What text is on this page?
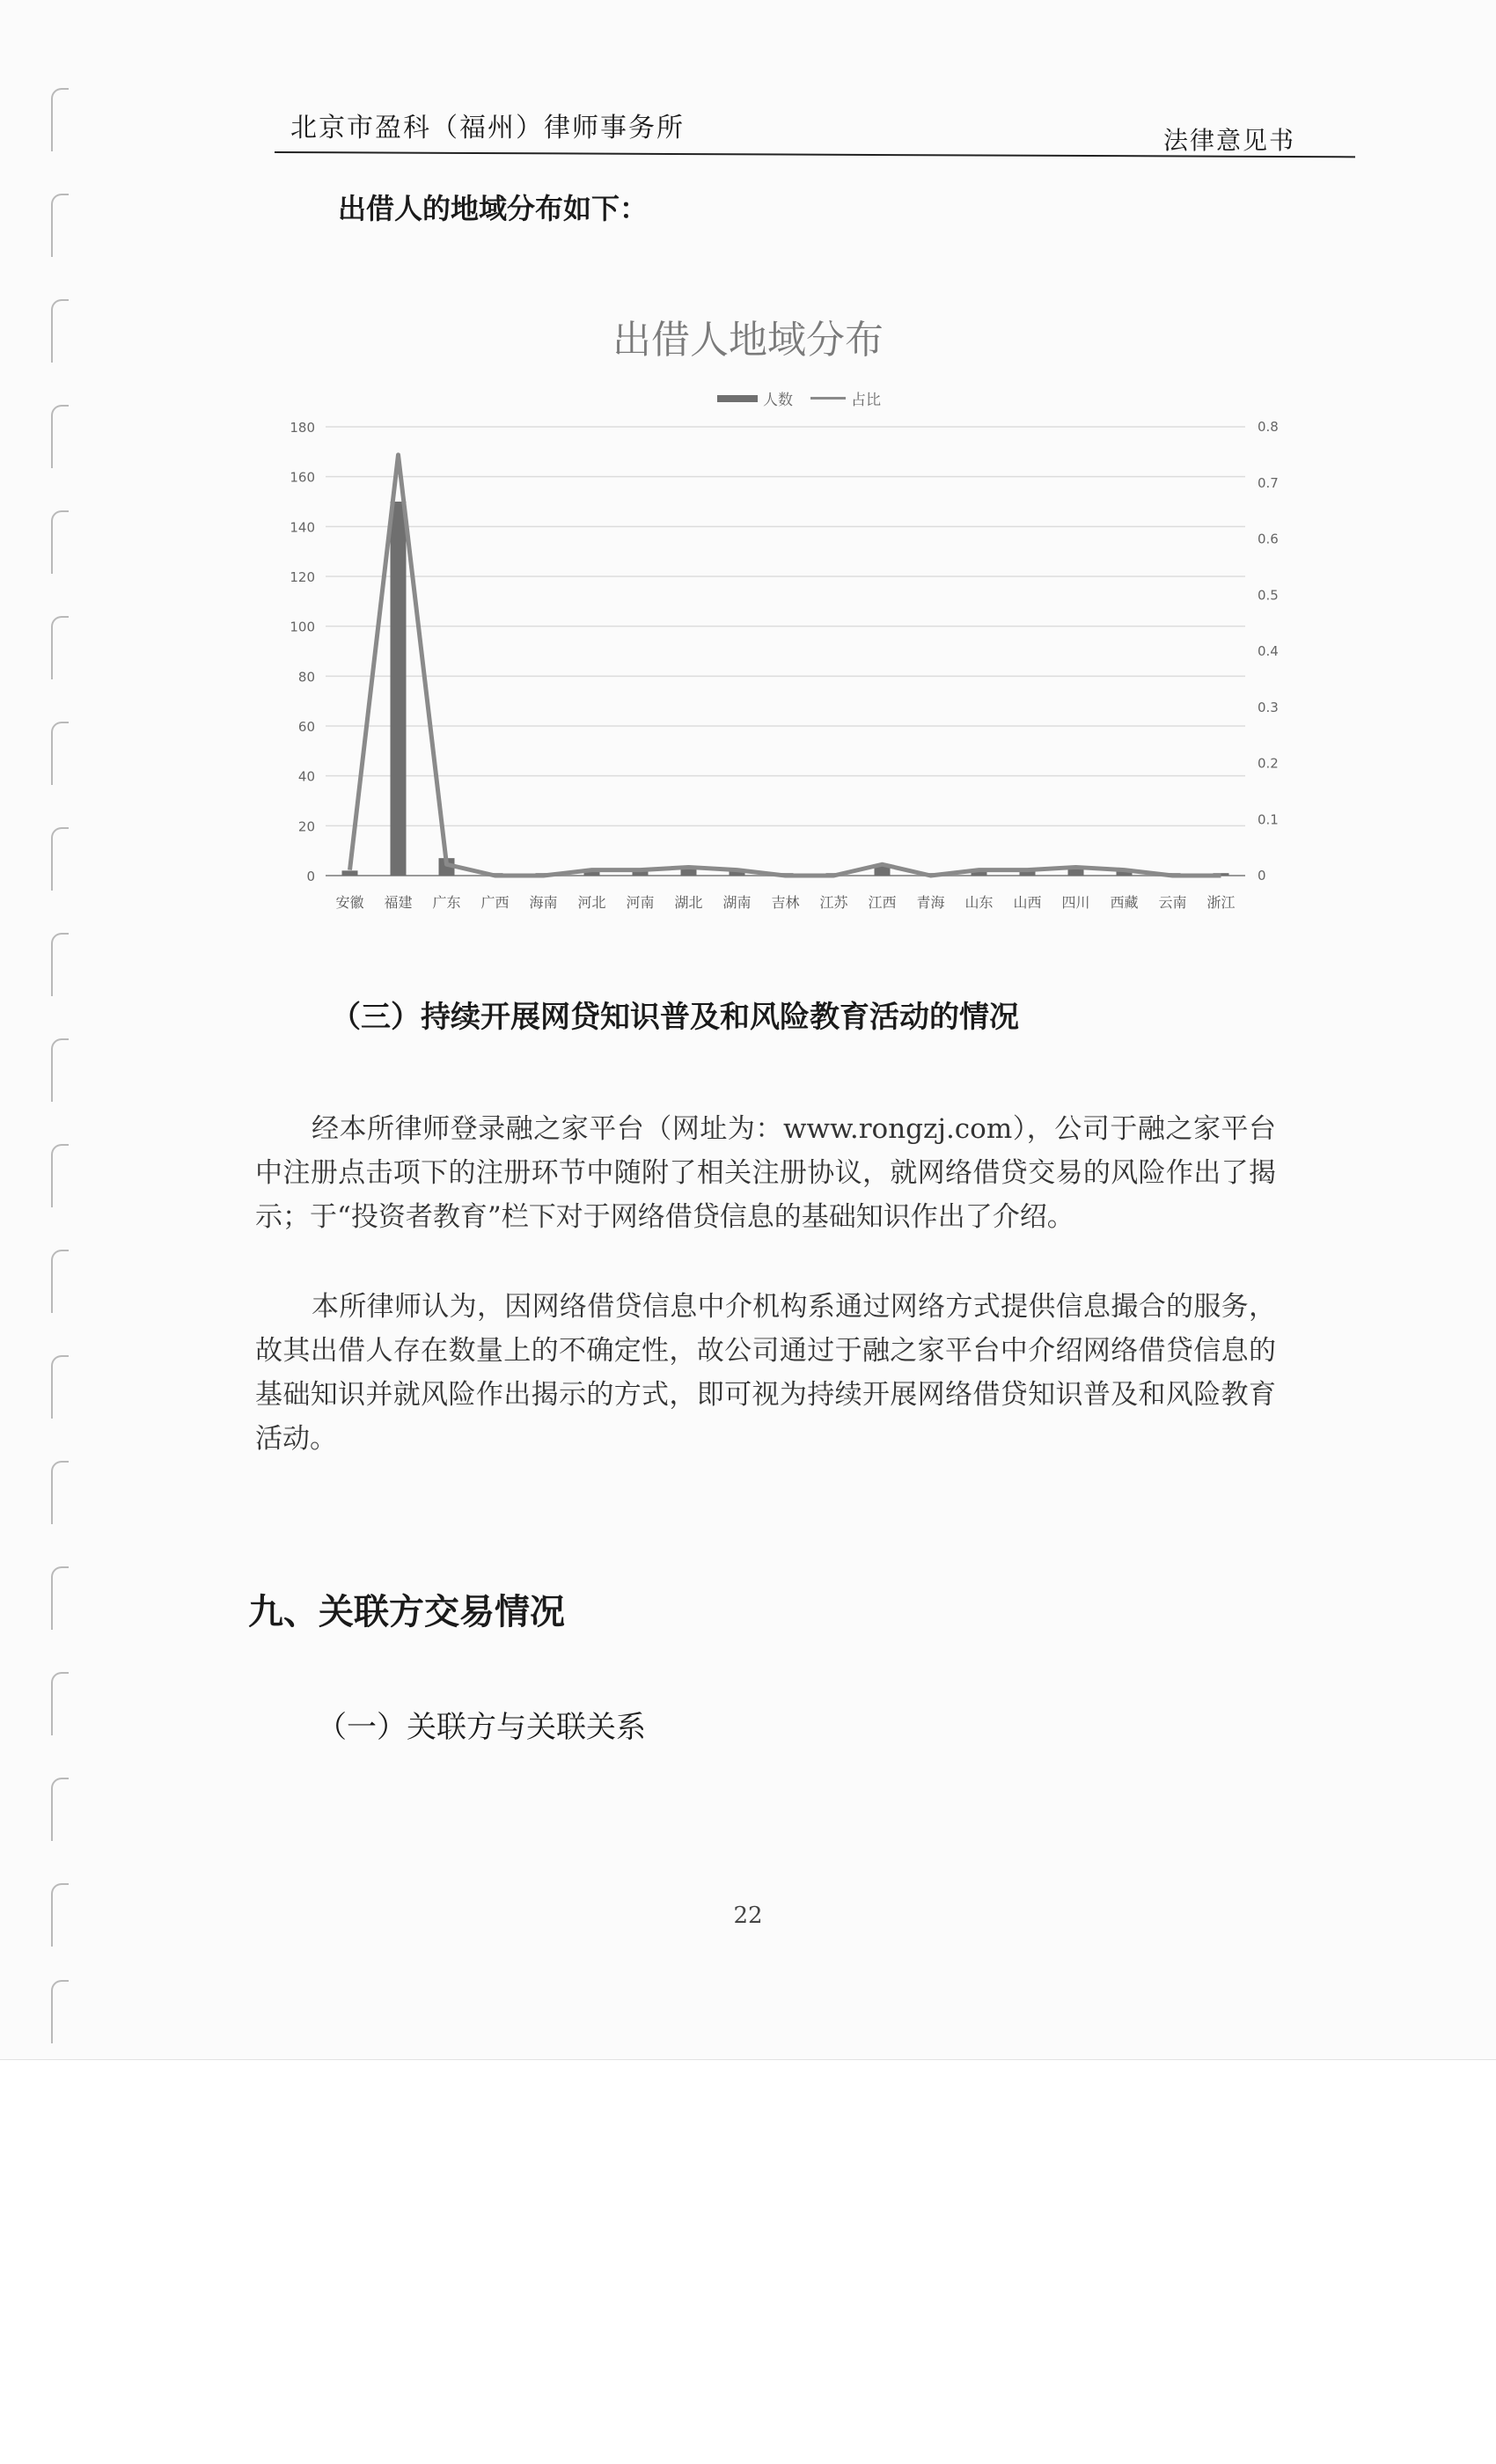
北京市盈科（福州）律师事务所	法律意见书
出借人的地域分布如下：
出借人地域分布
人数	占比
0
20
40
60
80
100
120
140
160
180
0
0.1
0.2
0.3
0.4
0.5
0.6
0.7
0.8
安徽 福建 广东 广西 海南 河北 河南 湖北 湖南 吉林 江苏 江西 青海 山东 山西 四川 西藏 云南 浙江
（三）持续开展网贷知识普及和风险教育活动的情况

经本所律师登录融之家平台（网址为：www.rongzj.com），公司于融之家平台中注册点击项下的注册环节中随附了相关注册协议，就网络借贷交易的风险作出了揭示；于“投资者教育”栏下对于网络借贷信息的基础知识作出了介绍。

本所律师认为，因网络借贷信息中介机构系通过网络方式提供信息撮合的服务，故其出借人存在数量上的不确定性，故公司通过于融之家平台中介绍网络借贷信息的基础知识并就风险作出揭示的方式，即可视为持续开展网络借贷知识普及和风险教育活动。

九、关联方交易情况
（一）关联方与关联关系
22
